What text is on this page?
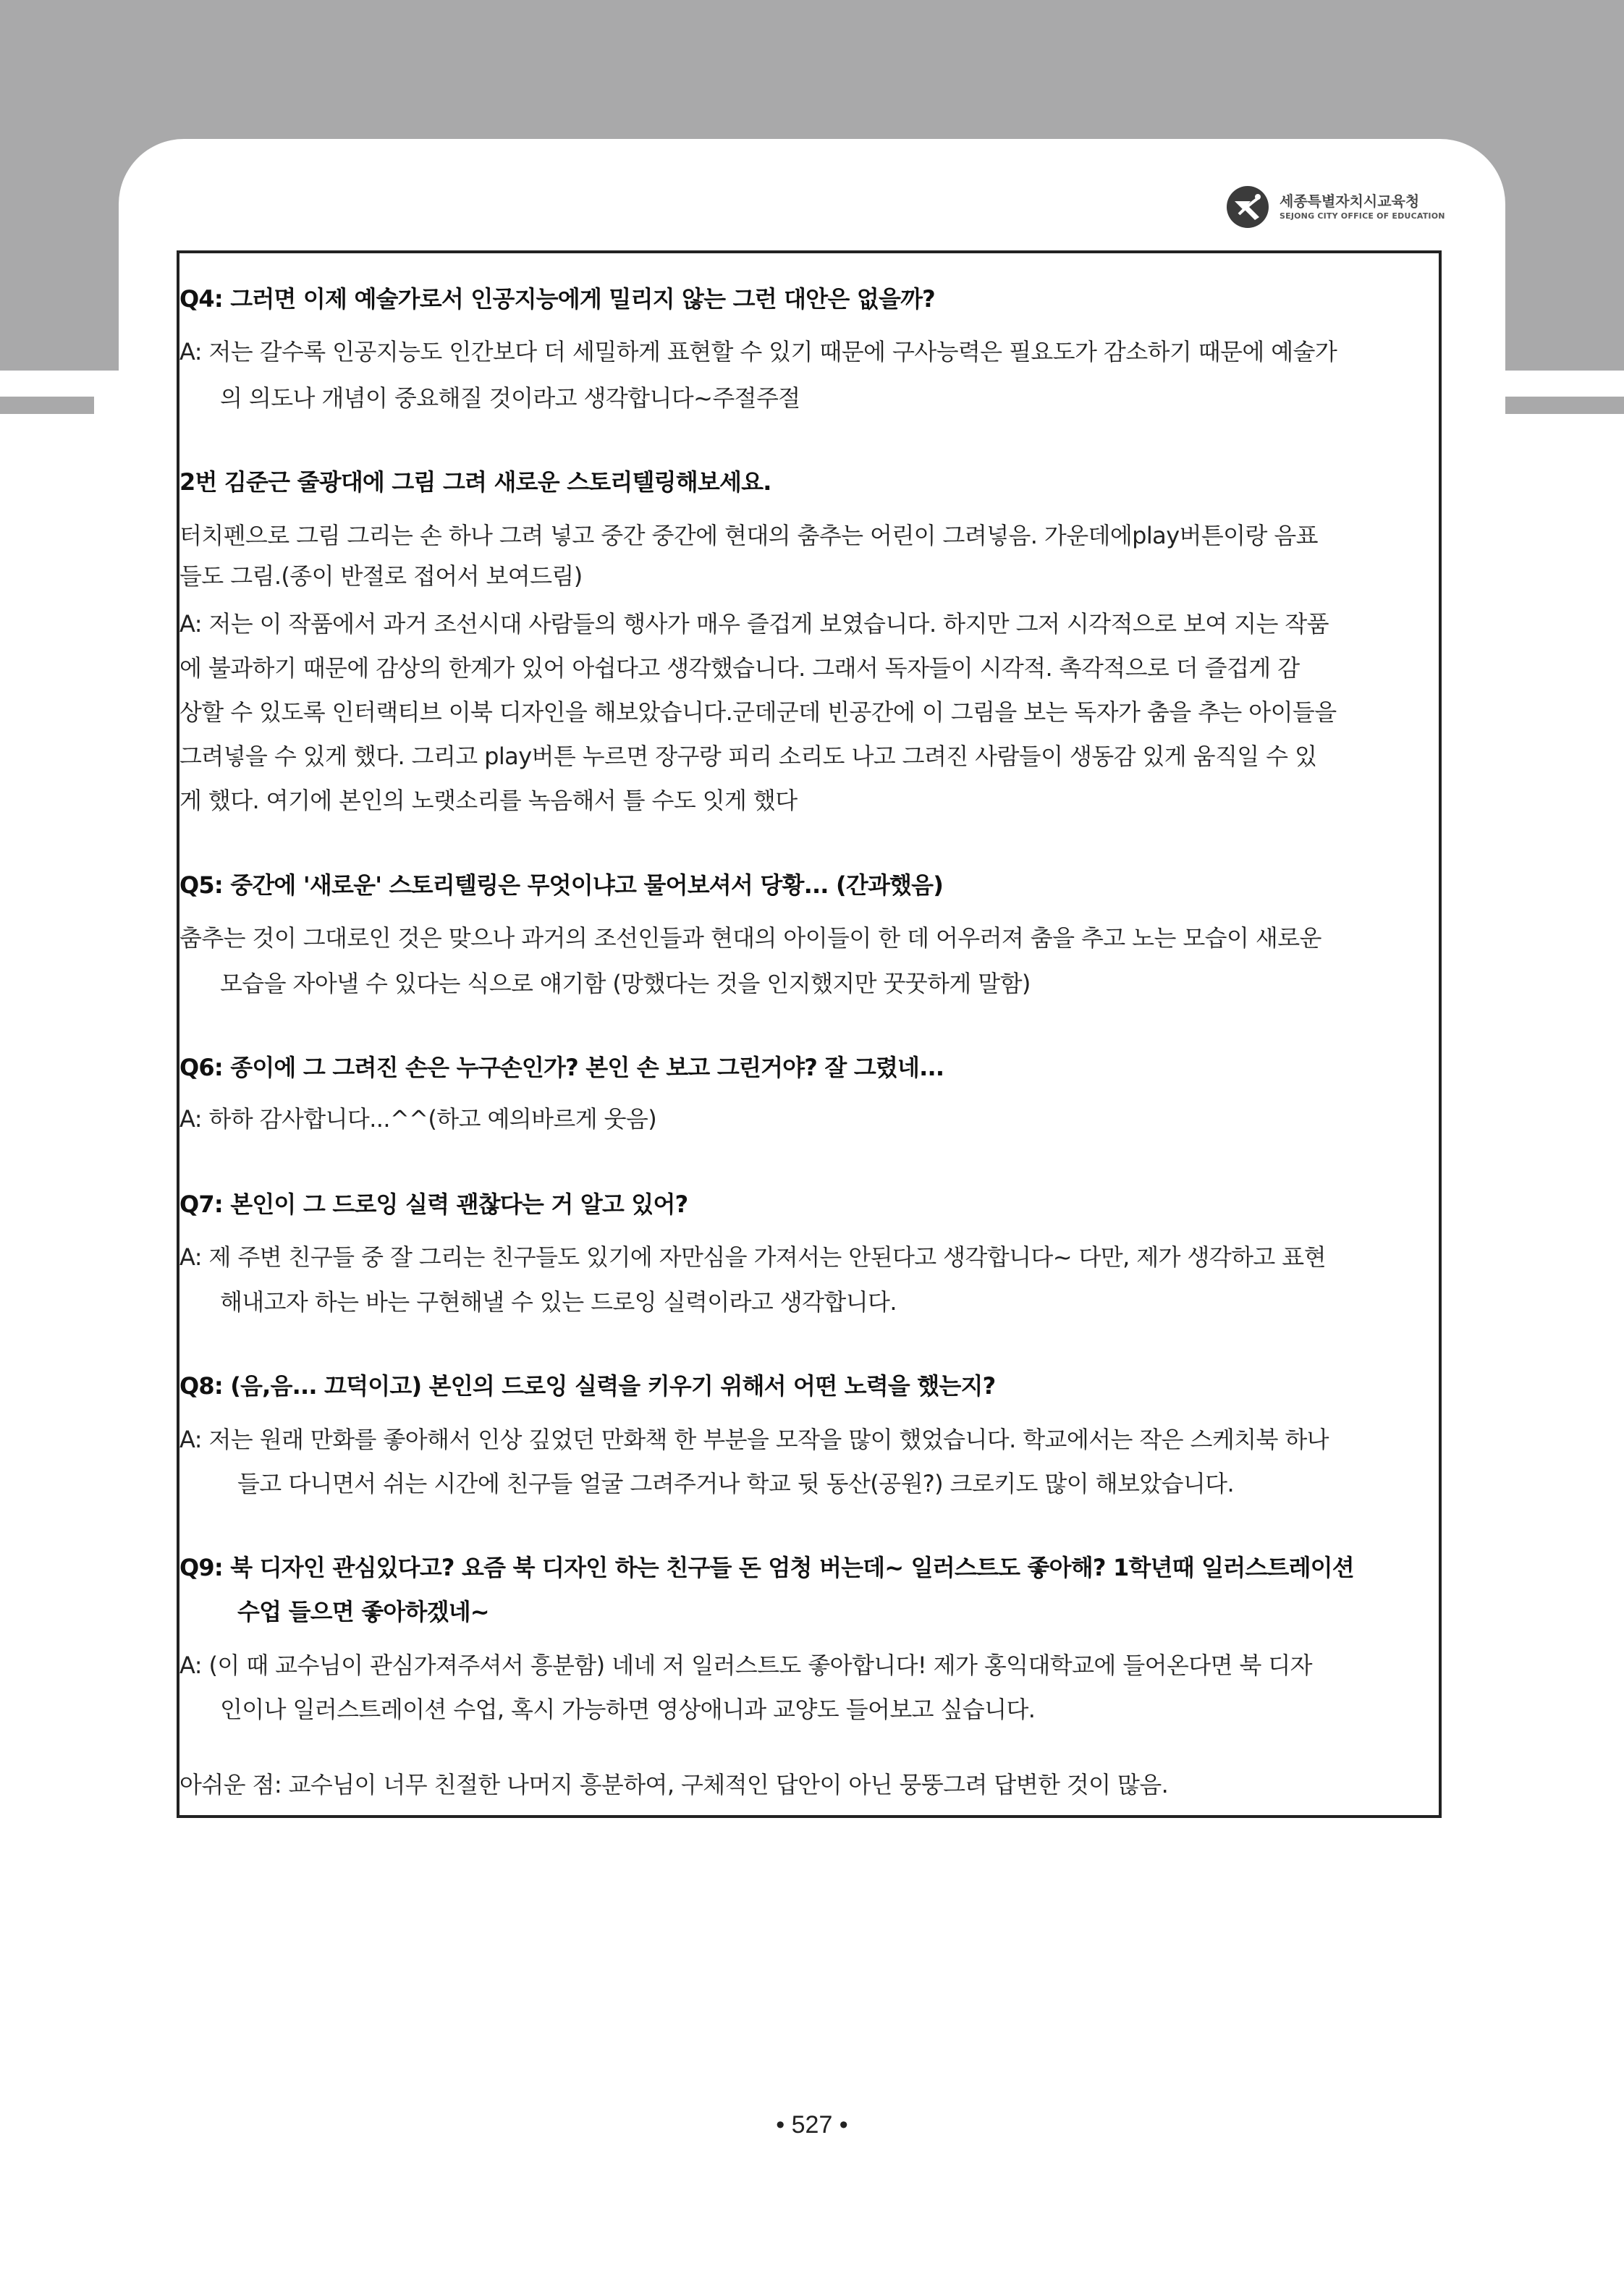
세종특별자치시교육청
SEJONG CITY OFFICE OF EDUCATION
Q4: 그러면 이제 예술가로서 인공지능에게 밀리지 않는 그런 대안은 없을까?
A: 저는 갈수록 인공지능도 인간보다 더 세밀하게 표현할 수 있기 때문에 구사능력은 필요도가 감소하기 때문에 예술가
의 의도나 개념이 중요해질 것이라고 생각합니다~주절주절
2번 김준근 줄광대에 그림 그려 새로운 스토리텔링해보세요.
터치펜으로 그림 그리는 손 하나 그려 넣고 중간 중간에 현대의 춤추는 어린이 그려넣음. 가운데에play버튼이랑 음표
들도 그림.(종이 반절로 접어서 보여드림)
A: 저는 이 작품에서 과거 조선시대 사람들의 행사가 매우 즐겁게 보였습니다. 하지만 그저 시각적으로 보여 지는 작품
에 불과하기 때문에 감상의 한계가 있어 아쉽다고 생각했습니다. 그래서 독자들이 시각적. 촉각적으로 더 즐겁게 감
상할 수 있도록 인터랙티브 이북 디자인을 해보았습니다.군데군데 빈공간에 이 그림을 보는 독자가 춤을 추는 아이들을
그려넣을 수 있게 했다. 그리고 play버튼 누르면 장구랑 피리 소리도 나고 그려진 사람들이 생동감 있게 움직일 수 있
게 했다. 여기에 본인의 노랫소리를 녹음해서 틀 수도 잇게 했다
Q5: 중간에 '새로운' 스토리텔링은 무엇이냐고 물어보셔서 당황... (간과했음)
춤추는 것이 그대로인 것은 맞으나 과거의 조선인들과 현대의 아이들이 한 데 어우러져 춤을 추고 노는 모습이 새로운
모습을 자아낼 수 있다는 식으로 얘기함 (망했다는 것을 인지했지만 꿋꿋하게 말함)
Q6: 종이에 그 그려진 손은 누구손인가? 본인 손 보고 그린거야? 잘 그렸네...
A: 하하 감사합니다...^^(하고 예의바르게 웃음)
Q7: 본인이 그 드로잉 실력 괜찮다는 거 알고 있어?
A: 제 주변 친구들 중 잘 그리는 친구들도 있기에 자만심을 가져서는 안된다고 생각합니다~ 다만, 제가 생각하고 표현
해내고자 하는 바는 구현해낼 수 있는 드로잉 실력이라고 생각합니다.
Q8: (음,음... 끄덕이고) 본인의 드로잉 실력을 키우기 위해서 어떤 노력을 했는지?
A: 저는 원래 만화를 좋아해서 인상 깊었던 만화책 한 부분을 모작을 많이 했었습니다. 학교에서는 작은 스케치북 하나
들고 다니면서 쉬는 시간에 친구들 얼굴 그려주거나 학교 뒷 동산(공원?) 크로키도 많이 해보았습니다.
Q9: 북 디자인 관심있다고? 요즘 북 디자인 하는 친구들 돈 엄청 버는데~ 일러스트도 좋아해? 1학년때 일러스트레이션
수업 들으면 좋아하겠네~
A: (이 때 교수님이 관심가져주셔서 흥분함) 네네 저 일러스트도 좋아합니다! 제가 홍익대학교에 들어온다면 북 디자
인이나 일러스트레이션 수업, 혹시 가능하면 영상애니과 교양도 들어보고 싶습니다.
아쉬운 점: 교수님이 너무 친절한 나머지 흥분하여, 구체적인 답안이 아닌 뭉뚱그려 답변한 것이 많음.
• 527 •
